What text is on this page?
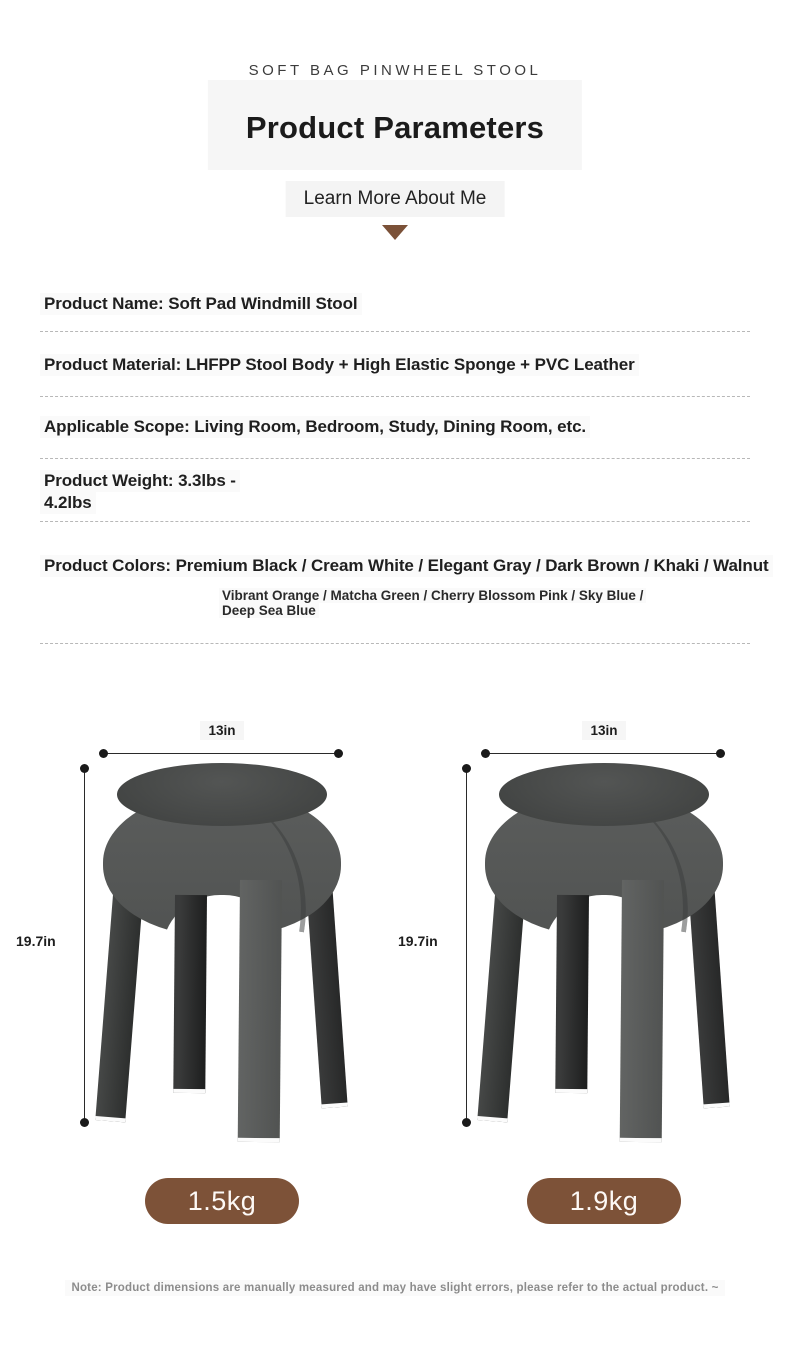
SOFT BAG PINWHEEL STOOL
Product Parameters
Learn More About Me
Product Name: Soft Pad Windmill Stool
Product Material: LHFPP Stool Body + High Elastic Sponge + PVC Leather
Applicable Scope: Living Room, Bedroom, Study, Dining Room, etc.
Product Weight: 3.3lbs -
4.2lbs
Product Colors: Premium Black / Cream White / Elegant Gray / Dark Brown / Khaki / Walnut
Vibrant Orange / Matcha Green / Cherry Blossom Pink / Sky Blue /
Deep Sea Blue
13in
19.7in
1.5kg
13in
19.7in
1.9kg
Note: Product dimensions are manually measured and may have slight errors, please refer to the actual product. ~
